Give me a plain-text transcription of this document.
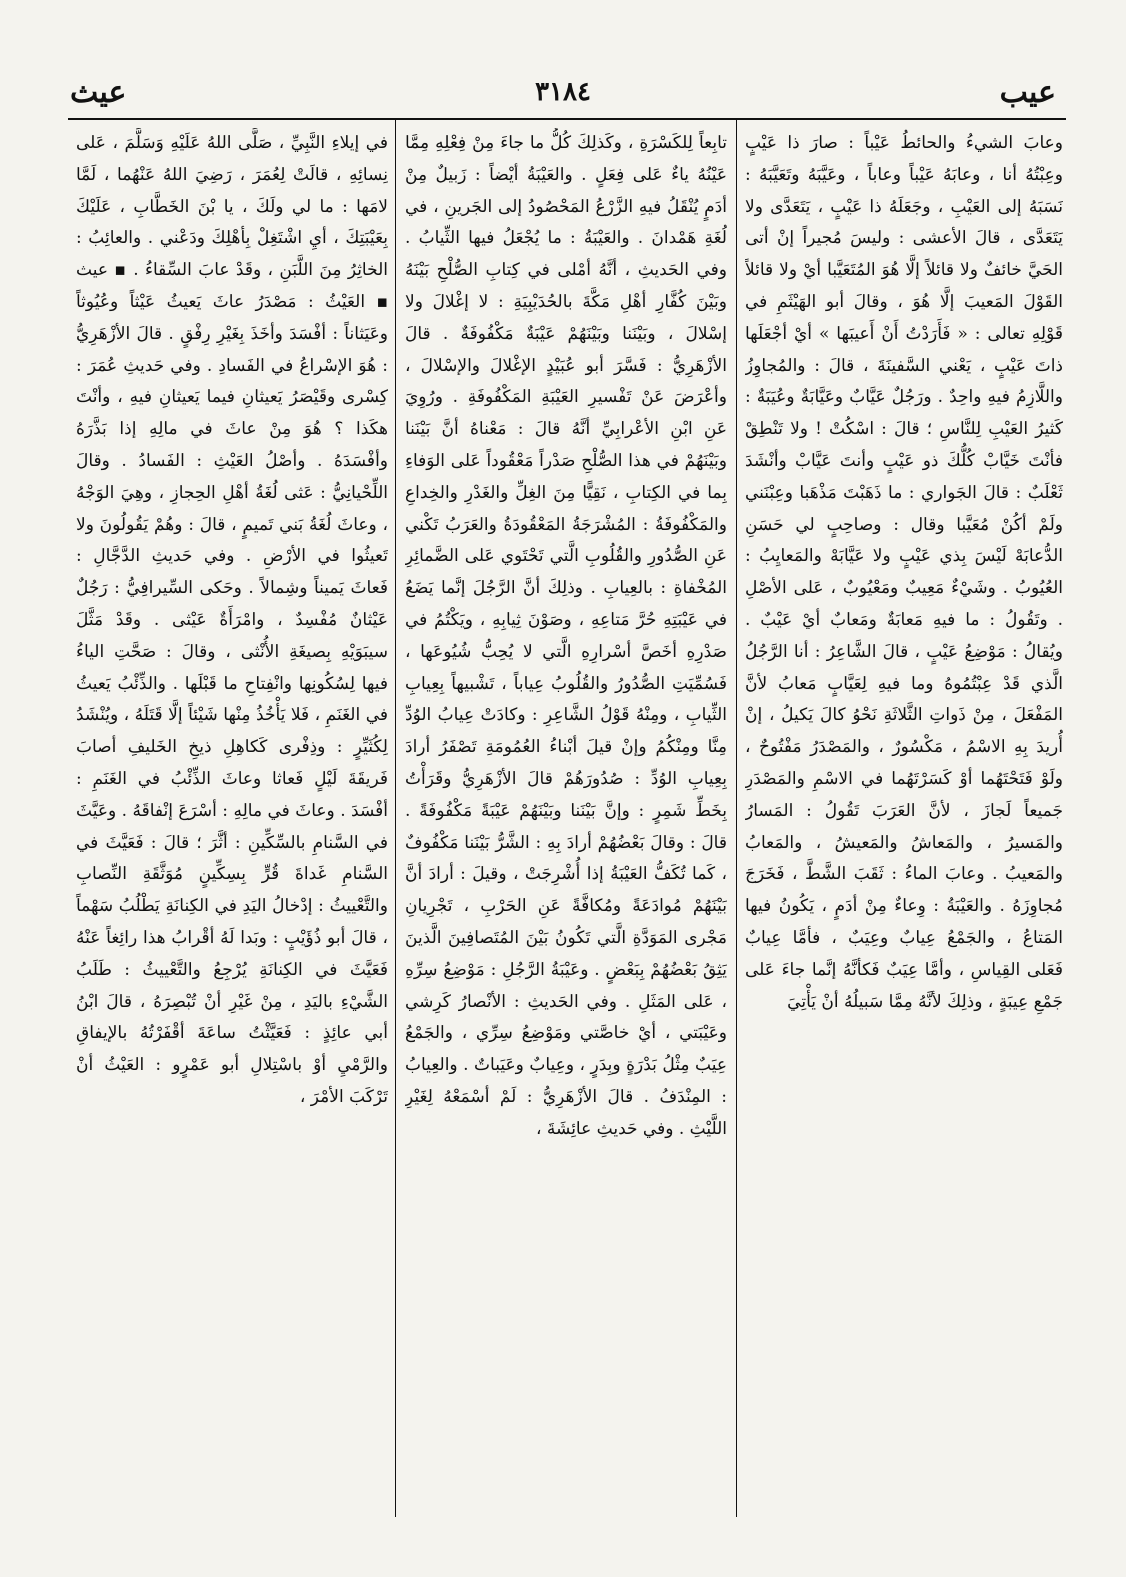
عيب
٣١٨٤
عيث

وعابَ الشيءُ والحائطُ عَيْباً : صارَ ذا عَيْبٍ وعِبْتُهُ أنا ، وعابَهُ عَيْباً وعاباً ، وعَيَّبَهُ وتَعَيَّبَهُ : نَسَبَهُ إلى العَيْبِ ، وجَعَلَهُ ذا عَيْبٍ ، يَتَعَدَّى ولا يَتَعَدَّى ، قالَ الأعشى : وليسَ مُجيراً إنْ أتى الحَيَّ خائفٌ ولا قائلاً إلَّا هُوَ المُتَعَيَّبا أيْ ولا قائلاً القَوْلَ المَعيبَ إلَّا هُوَ ، وقالَ أبو الهَيْثَمِ في قَوْلِهِ تعالى : « فَأَرَدْتُ أَنْ أَعيبَها » أيْ أجْعَلَها ذاتَ عَيْبٍ ، يَعْني السَّفينَةَ ، قالَ : والمُجاوِزُ واللَّازِمُ فيهِ واحِدٌ . ورَجُلٌ عَيَّابٌ وعَيَّابَةٌ وعُيَبَةٌ : كَثيرُ العَيْبِ لِلنَّاسِ ؛ قالَ : اسْكُتْ ! ولا تَنْطِقْ فأنْتَ خَيَّابْ كُلُّكَ ذو عَيْبٍ وأنتَ عَيَّابْ وأنْشَدَ ثَعْلَبٌ : قالَ الجَواري : ما ذَهَبْتَ مَذْهَبا وعِبْنَني ولَمْ أكُنْ مُعَيَّبا وقال : وصاحِبٍ لي حَسَنِ الدُّعابَهْ لَيْسَ بِذي عَيْبٍ ولا عَيَّابَهْ والمَعايِبُ : العُيُوبُ . وشَيْءٌ مَعِيبٌ ومَعْيُوبٌ ، عَلى الأصْلِ . وتَقُولُ : ما فيهِ مَعابَةٌ ومَعابٌ أيْ عَيْبٌ . ويُقالُ : مَوْضِعُ عَيْبٍ ، قالَ الشَّاعِرُ : أنا الرَّجُلُ الَّذي قَدْ عِبْتُمُوهُ وما فيهِ لِعَيَّابٍ مَعابُ لأنَّ المَفْعَلَ ، مِنْ ذَواتِ الثَّلاثَةِ نَحْوُ كالَ يَكيلُ ، إنْ أُريدَ بِهِ الاسْمُ ، مَكْسُورٌ ، والمَصْدَرُ مَفْتُوحٌ ، ولَوْ فَتَحْتَهُما أوْ كَسَرْتَهُما في الاسْمِ والمَصْدَرِ جَميعاً لَجازَ ، لأنَّ العَرَبَ تَقُولُ : المَسارُ والمَسيرُ ، والمَعاشُ والمَعيشُ ، والمَعابُ والمَعيبُ . وعابَ الماءُ : ثَقَبَ الشَّطَّ ، فَخَرَجَ مُجاوِزَهُ . والعَيْبَةُ : وِعاءٌ مِنْ أدَمٍ ، يَكُونُ فيها المَتاعُ ، والجَمْعُ عِيابٌ وعِيَبٌ ، فأمَّا عِيابٌ فَعَلى القِياسِ ، وأمَّا عِيَبٌ فَكأنَّهُ إنَّما جاءَ عَلى جَمْعِ عِيبَةٍ ، وذلِكَ لأنَّهُ مِمَّا سَبيلُهُ أنْ يَأْتِيَ

تابِعاً لِلكَسْرَةِ ، وكَذلِكَ كُلُّ ما جاءَ مِنْ فِعْلِهِ مِمَّا عَيْنُهُ ياءٌ عَلى فِعَلٍ . والعَيْبَةُ أيْضاً : زَبيلٌ مِنْ أدَمٍ يُنْقَلُ فيهِ الزَّرْعُ المَحْصُودُ إلى الجَرينِ ، في لُغَةِ هَمْدانَ . والعَيْبَةُ : ما يُجْعَلُ فيها الثِّيابُ . وفي الحَديثِ ، أنَّهُ أمْلى في كِتابِ الصُّلْحِ بَيْنَهُ وبَيْنَ كُفَّارِ أهْلِ مَكَّةَ بالحُدَيْبِيَةِ : لا إغْلالَ ولا إسْلالَ ، وبَيْنَنا وبَيْنَهُمْ عَيْبَةٌ مَكْفُوفَةٌ . قالَ الأزْهَرِيُّ : فَسَّرَ أبو عُبَيْدٍ الإغْلالَ والإسْلالَ ، وأعْرَضَ عَنْ تَفْسيرِ العَيْبَةِ المَكْفُوفَةِ . ورُوِيَ عَنِ ابْنِ الأعْرابِيِّ أنَّهُ قالَ : مَعْناهُ أنَّ بَيْنَنا وبَيْنَهُمْ في هذا الصُّلْحِ صَدْراً مَعْقُوداً عَلى الوَفاءِ بِما في الكِتابِ ، نَقِيًّا مِنَ الغِلِّ والغَدْرِ والخِداعِ والمَكْفُوفَةُ : المُشْرَجَةُ المَعْقُودَةُ والعَرَبُ تَكْني عَنِ الصُّدُورِ والقُلُوبِ الَّتي تَحْتَوي عَلى الضَّمائِرِ المُخْفاةِ : بالعِيابِ . وذلِكَ أنَّ الرَّجُلَ إنَّما يَضَعُ في عَيْبَتِهِ حُرَّ مَتاعِهِ ، وصَوْنَ ثِيابِهِ ، ويَكْتُمُ في صَدْرِهِ أخَصَّ أسْرارِهِ الَّتي لا يُحِبُّ شُيُوعَها ، فَسُمِّيَتِ الصُّدُورُ والقُلُوبُ عِياباً ، تَشْبيهاً بِعِيابِ الثِّيابِ ، ومِنْهُ قَوْلُ الشَّاعِرِ : وكادَتْ عِيابُ الوُدِّ مِنَّا ومِنْكُمُ وإنْ قيلَ أبْناءُ العُمُومَةِ تَصْفَرُ أرادَ بِعِيابِ الوُدِّ : صُدُورَهُمْ قالَ الأزْهَرِيُّ وقَرَأْتُ بِخَطِّ شَمِرٍ : وإنَّ بَيْنَنا وبَيْنَهُمْ عَيْبَةً مَكْفُوفَةً . قالَ : وقالَ بَعْضُهُمْ أرادَ بِهِ : الشَّرُّ بَيْنَنا مَكْفُوفٌ ، كَما تُكَفُّ العَيْبَةُ إذا أُشْرِجَتْ ، وقيلَ : أرادَ أنَّ بَيْنَهُمْ مُوادَعَةً ومُكافَّةً عَنِ الحَرْبِ ، تَجْرِيانِ مَجْرى المَوَدَّةِ الَّتي تَكُونُ بَيْنَ المُتَصافِينَ الَّذينَ يَثِقُ بَعْضُهُمْ بِبَعْضٍ . وعَيْبَةُ الرَّجُلِ : مَوْضِعُ سِرِّهِ ، عَلى المَثَلِ . وفي الحَديثِ : الأنْصارُ كَرِشي وعَيْبَتي ، أيْ خاصَّتي ومَوْضِعُ سِرِّي ، والجَمْعُ عِيَبٌ مِثْلُ بَدْرَةٍ وبِدَرٍ ، وعِيابٌ وعَيَباتٌ . والعِيابُ : المِنْدَفُ . قالَ الأزْهَرِيُّ : لَمْ أسْمَعْهُ لِغَيْرِ اللَّيْثِ . وفي حَديثِ عائِشَةَ ،

في إيلاءِ النَّبِيِّ ، صَلَّى اللهُ عَلَيْهِ وَسَلَّمَ ، عَلى نِسائِهِ ، قالَتْ لِعُمَرَ ، رَضِيَ اللهُ عَنْهُما ، لَمَّا لامَها : ما لي ولَكَ ، يا بْنَ الخَطَّابِ ، عَلَيْكَ بِعَيْبَتِكَ ، أيِ اشْتَغِلْ بِأهْلِكَ ودَعْني . والعائِبُ : الخاثِرُ مِنَ اللَّبَنِ ، وقَدْ عابَ السِّقاءُ . ▪ عيث ▪ العَيْثُ : مَصْدَرُ عاثَ يَعيثُ عَيْثاً وعُيُوثاً وعَيَثاناً : أفْسَدَ وأخَذَ بِغَيْرِ رِفْقٍ . قالَ الأزْهَرِيُّ : هُوَ الإسْراعُ في الفَسادِ . وفي حَديثِ عُمَرَ : كِسْرى وقَيْصَرُ يَعيثانِ فيما يَعيثانِ فيهِ ، وأنْتَ هكَذا ؟ هُوَ مِنْ عاثَ في مالِهِ إذا بَذَّرَهُ وأفْسَدَهُ . وأصْلُ العَيْثِ : الفَسادُ . وقالَ اللِّحْيانِيُّ : عَثى لُغَةُ أهْلِ الحِجازِ ، وهِيَ الوَجْهُ ، وعاثَ لُغَةُ بَني تَميمٍ ، قالَ : وهُمْ يَقُولُونَ ولا تَعيثُوا في الأرْضِ . وفي حَديثِ الدَّجَّالِ : فَعاثَ يَميناً وشِمالاً . وحَكى السِّيرافِيُّ : رَجُلٌ عَيْثانٌ مُفْسِدٌ ، وامْرَأَةٌ عَيْثى . وقَدْ مَثَّلَ سيبَوَيْهِ بِصيغَةِ الأُنْثى ، وقالَ : صَحَّتِ الياءُ فيها لِسُكُونِها وانْفِتاحِ ما قَبْلَها . والذِّئْبُ يَعيثُ في الغَنَمِ ، فَلا يَأْخُذُ مِنْها شَيْئاً إلَّا قَتَلَهُ ، ويُنْشَدُ لِكُثَيِّرٍ : وذِفْرى كَكاهِلِ ذيخِ الخَليفِ أصابَ فَريقَةَ لَيْلٍ فَعاثا وعاثَ الذِّئْبُ في الغَنَمِ : أفْسَدَ . وعاثَ في مالِهِ : أسْرَعَ إنْفاقَهُ . وعَيَّثَ في السَّنامِ بالسِّكِّينِ : أثَّرَ ؛ قالَ : فَعَيَّثَ في السَّنامِ غَداةَ قُرٍّ بِسِكِّينٍ مُوَثَّقَةِ النِّصابِ والتَّعْييثُ : إدْخالُ اليَدِ في الكِنانَةِ يَطْلُبُ سَهْماً ، قالَ أبو ذُؤَيْبٍ : وبَدا لَهُ أقْرابُ هذا رائِغاً عَنْهُ فَعَيَّثَ في الكِنانَةِ يُرْجِعُ والتَّعْييثُ : طَلَبُ الشَّيْءِ باليَدِ ، مِنْ غَيْرِ أنْ تُبْصِرَهُ ، قالَ ابْنُ أبي عائِذٍ : فَعَيَّثْتُ ساعَةَ أقْفَرْتُهُ بالإيفاقِ والرَّمْيِ أوْ باسْتِلالِ أبو عَمْرٍو : العَيْثُ أنْ تَرْكَبَ الأمْرَ ،
